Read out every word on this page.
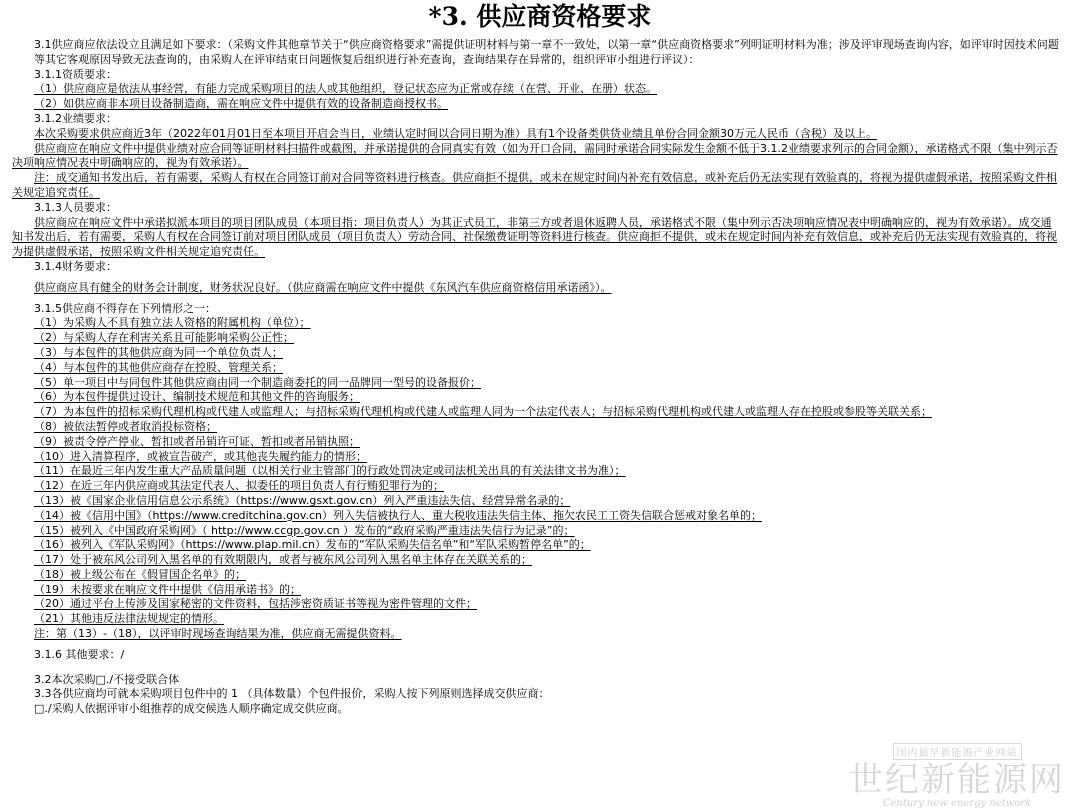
*3. 供应商资格要求

3.1供应商应依法设立且满足如下要求：（采购文件其他章节关于“供应商资格要求”需提供证明材料与第一章不一致处，以第一章“供应商资格要求”列明证明材料为准；涉及评审现场查询内容，如评审时因技术问题等其它客观原因导致无法查询的，由采购人在评审结束日问题恢复后组织进行补充查询，查询结果存在异常的，组织评审小组进行评议）：

3.1.1资质要求：

（1）供应商应是依法从事经营，有能力完成采购项目的法人或其他组织，登记状态应为正常或存续（在营、开业、在册）状态。

（2）如供应商非本项目设备制造商，需在响应文件中提供有效的设备制造商授权书。

3.1.2业绩要求：

本次采购要求供应商近3年（2022年01月01日至本项目开启会当日，业绩认定时间以合同日期为准）具有1个设备类供货业绩且单份合同金额30万元人民币（含税）及以上。

供应商应在响应文件中提供业绩对应合同等证明材料扫描件或截图，并承诺提供的合同真实有效（如为开口合同，需同时承诺合同实际发生金额不低于3.1.2业绩要求列示的合同金额），承诺格式不限（集中列示否决项响应情况表中明确响应的，视为有效承诺）。

注：成交通知书发出后，若有需要，采购人有权在合同签订前对合同等资料进行核查。供应商拒不提供，或未在规定时间内补充有效信息，或补充后仍无法实现有效验真的，将视为提供虚假承诺，按照采购文件相关规定追究责任。

3.1.3人员要求：

供应商应在响应文件中承诺拟派本项目的项目团队成员（本项目指：项目负责人）为其正式员工，非第三方或者退休返聘人员，承诺格式不限（集中列示否决项响应情况表中明确响应的，视为有效承诺）。成交通知书发出后，若有需要，采购人有权在合同签订前对项目团队成员（项目负责人）劳动合同、社保缴费证明等资料进行核查。供应商拒不提供，或未在规定时间内补充有效信息，或补充后仍无法实现有效验真的，将视为提供虚假承诺，按照采购文件相关规定追究责任。

3.1.4财务要求：

供应商应具有健全的财务会计制度，财务状况良好。（供应商需在响应文件中提供《东风汽车供应商资格信用承诺函》）。

3.1.5供应商不得存在下列情形之一：

（1）为采购人不具有独立法人资格的附属机构（单位）；

（2）与采购人存在利害关系且可能影响采购公正性；

（3）与本包件的其他供应商为同一个单位负责人；

（4）与本包件的其他供应商存在控股、管理关系；

（5）单一项目中与同包件其他供应商由同一个制造商委托的同一品牌同一型号的设备报价；

（6）为本包件提供过设计、编制技术规范和其他文件的咨询服务；

（7）为本包件的招标采购代理机构或代建人或监理人；与招标采购代理机构或代建人或监理人同为一个法定代表人；与招标采购代理机构或代建人或监理人存在控股或参股等关联关系；

（8）被依法暂停或者取消投标资格；

（9）被责令停产停业、暂扣或者吊销许可证、暂扣或者吊销执照；

（10）进入清算程序，或被宣告破产，或其他丧失履约能力的情形；

（11）在最近三年内发生重大产品质量问题（以相关行业主管部门的行政处罚决定或司法机关出具的有关法律文书为准）；

（12）在近三年内供应商或其法定代表人、拟委任的项目负责人有行贿犯罪行为的；

（13）被《国家企业信用信息公示系统》（https://www.gsxt.gov.cn）列入严重违法失信、经营异常名录的；

（14）被《信用中国》（https://www.creditchina.gov.cn）列入失信被执行人、重大税收违法失信主体、拖欠农民工工资失信联合惩戒对象名单的；

（15）被列入《中国政府采购网》（ http://www.ccgp.gov.cn ）发布的“政府采购严重违法失信行为记录”的；

（16）被列入《军队采购网》（https://www.plap.mil.cn）发布的“军队采购失信名单”和“军队采购暂停名单”的；

（17）处于被东风公司列入黑名单的有效期限内，或者与被东风公司列入黑名单主体存在关联关系的；

（18）被上级公布在《假冒国企名单》的；

（19）未按要求在响应文件中提供《信用承诺书》的；

（20）通过平台上传涉及国家秘密的文件资料，包括涉密资质证书等视为密件管理的文件；

（21）其他违反法律法规规定的情形。

注：第（13）-（18），以评审时现场查询结果为准，供应商无需提供资料。

3.1.6 其他要求：/

3.2本次采购□./不接受联合体

3.3各供应商均可就本采购项目包件中的 1 （具体数量）个包件报价，采购人按下列原则选择成交供应商：

□./采购人依据评审小组推荐的成交候选人顺序确定成交供应商。

国内最早新能源产业网站
世纪新能源网
Century new energy network
